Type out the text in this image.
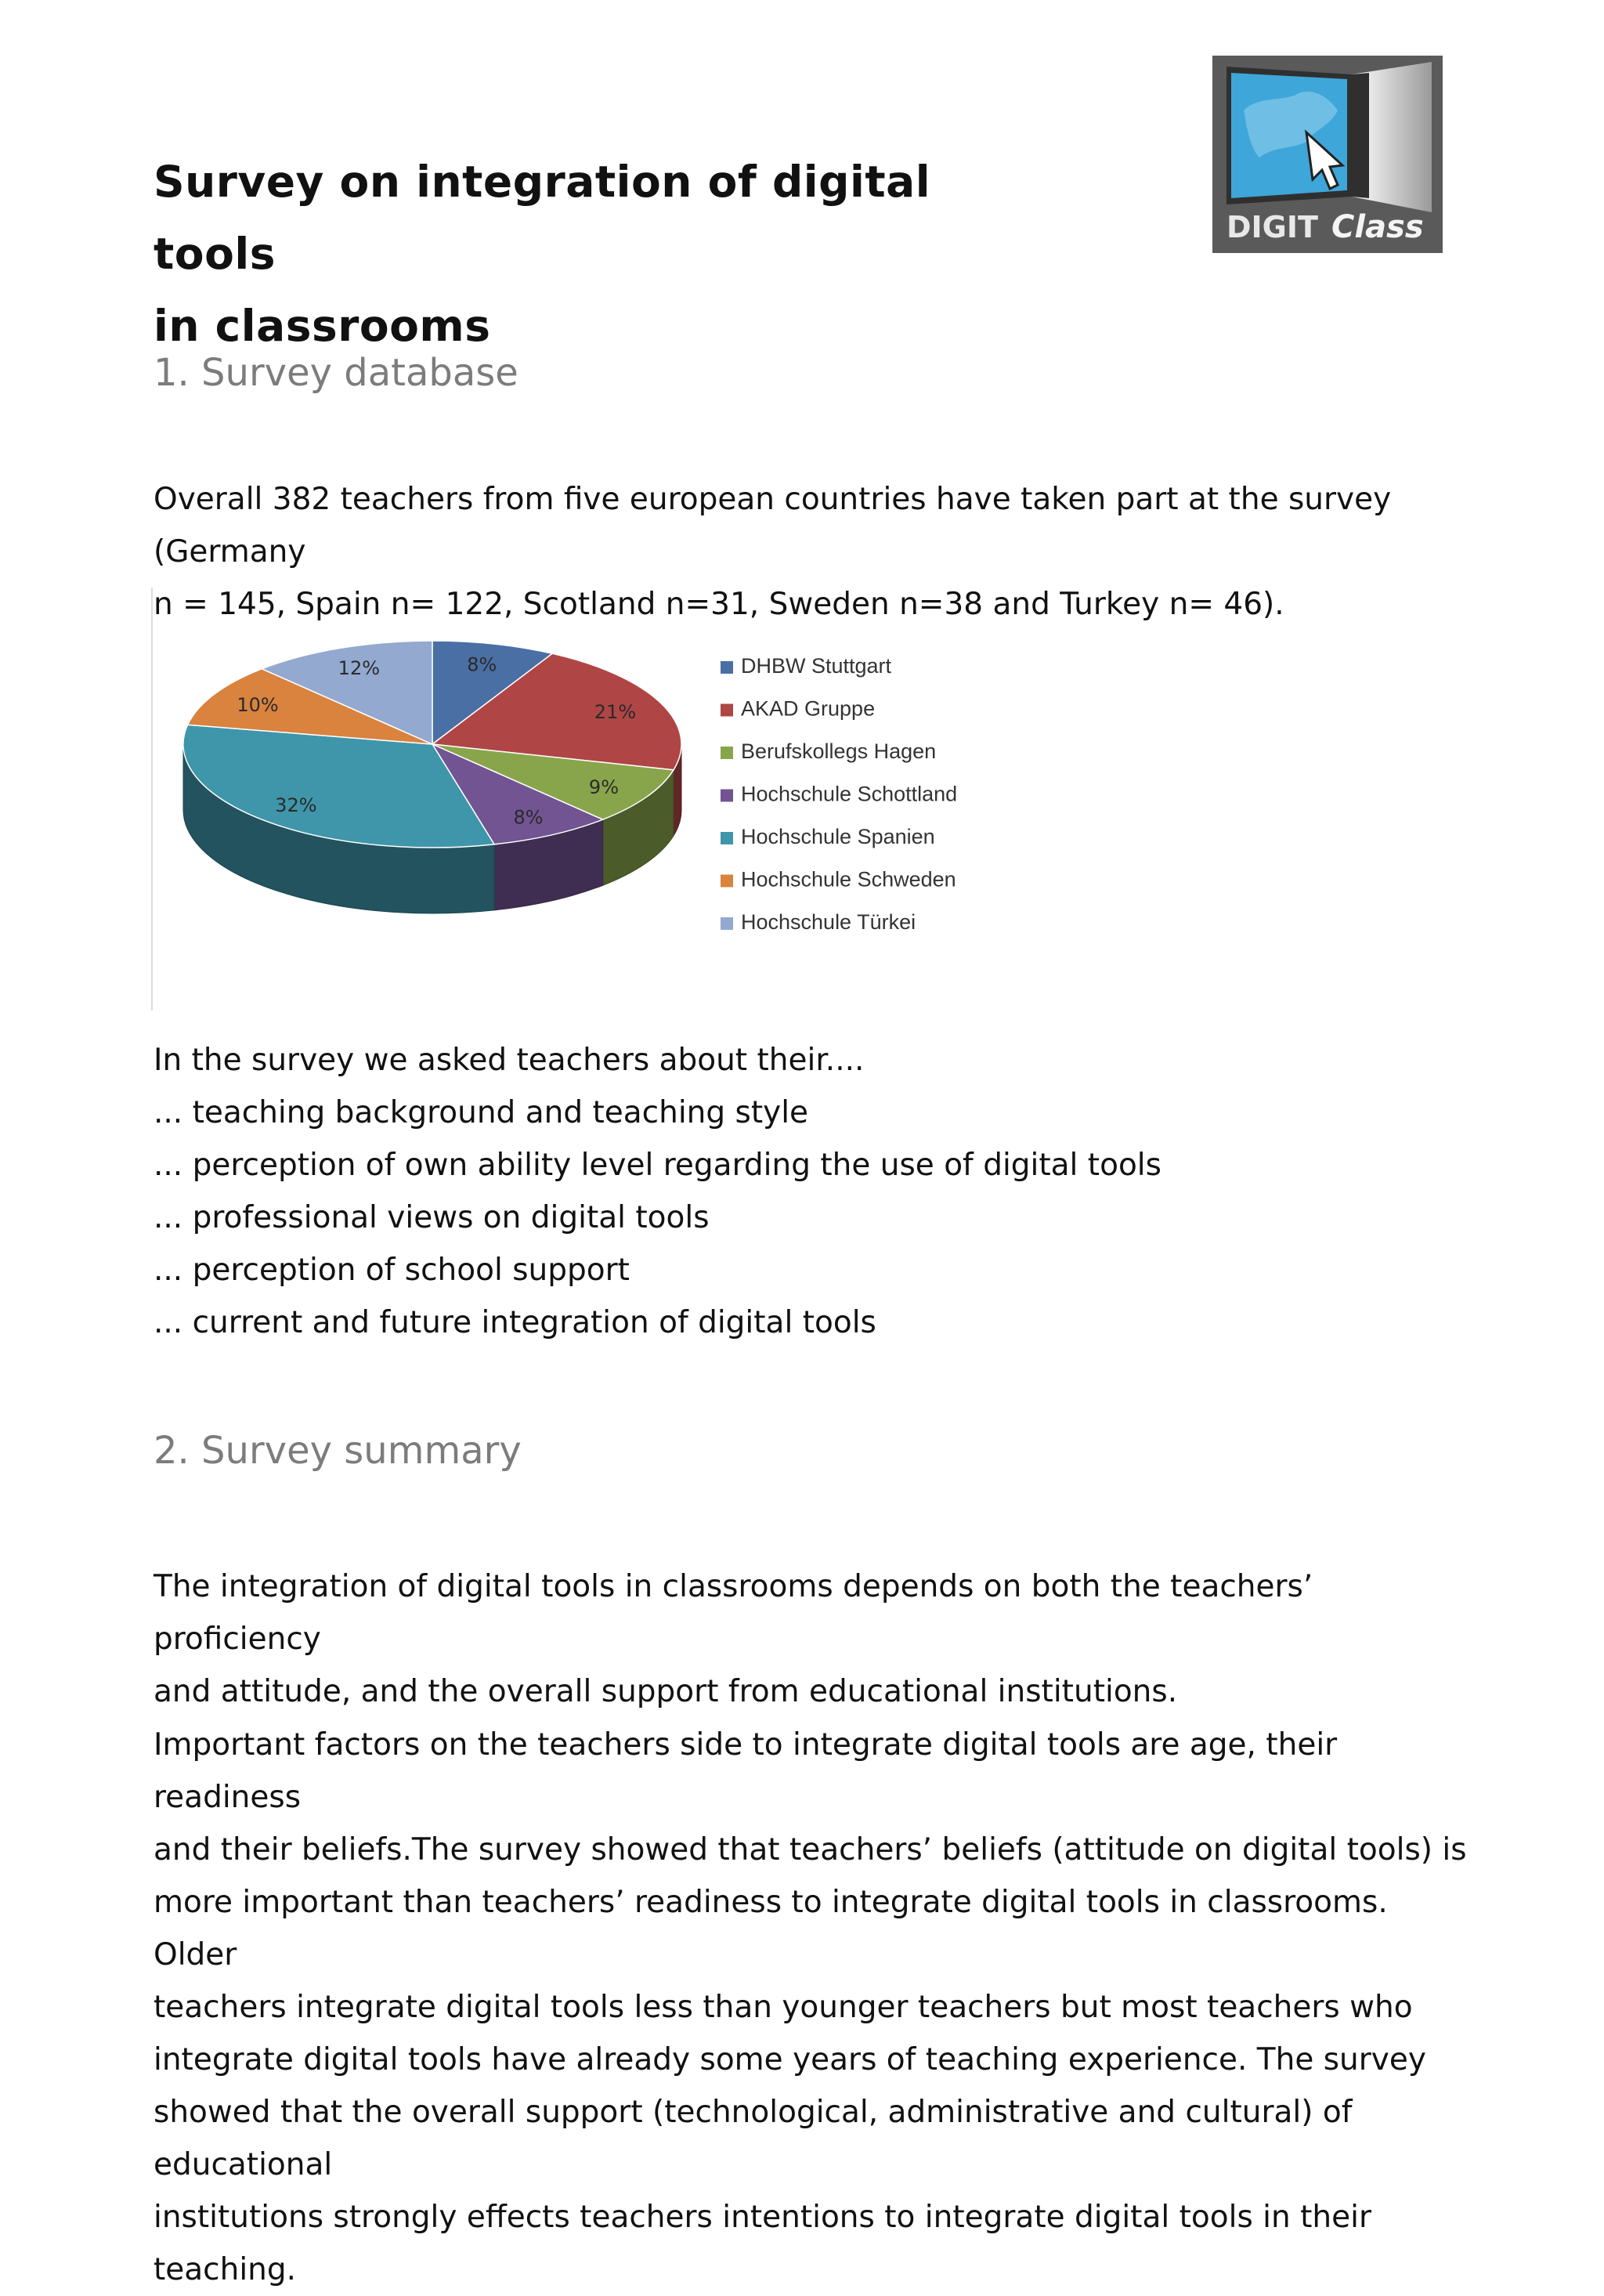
Survey on integration of digital tools
in classrooms
DIGIT Class
1. Survey database
Overall 382 teachers from five european countries have taken part at the survey (Germany
n = 145, Spain n= 122, Scotland n=31, Sweden n=38 and Turkey n= 46).
8%
21%
9%
8%
32%
10%
12%	DHBW Stuttgart
AKAD Gruppe
Berufskollegs Hagen
Hochschule Schottland
Hochschule Spanien
Hochschule Schweden
Hochschule Türkei
In the survey we asked teachers about their....
... teaching background and teaching style
... perception of own ability level regarding the use of digital tools
... professional views on digital tools
... perception of school support
... current and future integration of digital tools
2. Survey summary
The integration of digital tools in classrooms depends on both the teachers’ proficiency
and attitude, and the overall support from educational institutions.
Important factors on the teachers side to integrate digital tools are age, their readiness
and their beliefs.The survey showed that teachers’ beliefs (attitude on digital tools) is
more important than teachers’ readiness to integrate digital tools in classrooms. Older
teachers integrate digital tools less than younger teachers but most teachers who
integrate digital tools have already some years of teaching experience. The survey
showed that the overall support (technological, administrative and cultural) of educational
institutions strongly effects teachers intentions to integrate digital tools in their teaching.
